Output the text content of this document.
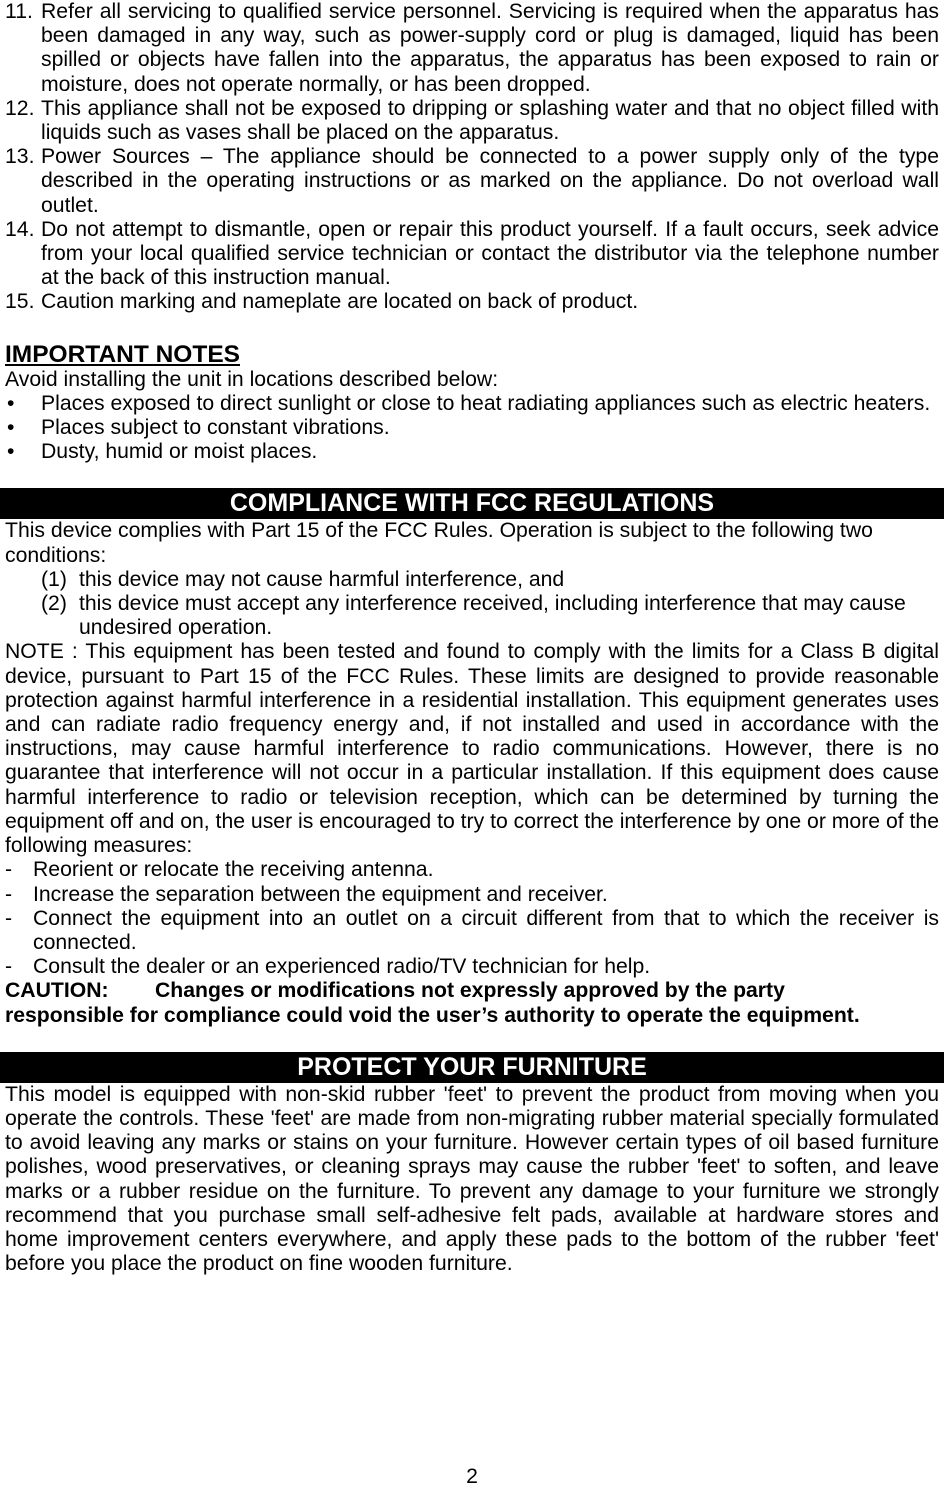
11. Refer all servicing to qualified service personnel. Servicing is required when the apparatus has been damaged in any way, such as power-supply cord or plug is damaged, liquid has been spilled or objects have fallen into the apparatus, the apparatus has been exposed to rain or moisture, does not operate normally, or has been dropped.
12. This appliance shall not be exposed to dripping or splashing water and that no object filled with liquids such as vases shall be placed on the apparatus.
13. Power Sources – The appliance should be connected to a power supply only of the type described in the operating instructions or as marked on the appliance. Do not overload wall outlet.
14. Do not attempt to dismantle, open or repair this product yourself. If a fault occurs, seek advice from your local qualified service technician or contact the distributor via the telephone number at the back of this instruction manual.
15. Caution marking and nameplate are located on back of product.
IMPORTANT NOTES
Avoid installing the unit in locations described below:
•	Places exposed to direct sunlight or close to heat radiating appliances such as electric heaters.
•	Places subject to constant vibrations.
•	Dusty, humid or moist places.
COMPLIANCE WITH FCC REGULATIONS
This device complies with Part 15 of the FCC Rules. Operation is subject to the following two conditions:
(1) this device may not cause harmful interference, and
(2) this device must accept any interference received, including interference that may cause undesired operation.
NOTE : This equipment has been tested and found to comply with the limits for a Class B digital device, pursuant to Part 15 of the FCC Rules. These limits are designed to provide reasonable protection against harmful interference in a residential installation. This equipment generates uses and can radiate radio frequency energy and, if not installed and used in accordance with the instructions, may cause harmful interference to radio communications. However, there is no guarantee that interference will not occur in a particular installation. If this equipment does cause harmful interference to radio or television reception, which can be determined by turning the equipment off and on, the user is encouraged to try to correct the interference by one or more of the following measures:
- Reorient or relocate the receiving antenna.
- Increase the separation between the equipment and receiver.
- Connect the equipment into an outlet on a circuit different from that to which the receiver is connected.
- Consult the dealer or an experienced radio/TV technician for help.
CAUTION:	Changes or modifications not expressly approved by the party
responsible for compliance could void the user’s authority to operate the equipment.
PROTECT YOUR FURNITURE
This model is equipped with non-skid rubber 'feet' to prevent the product from moving when you operate the controls. These 'feet' are made from non-migrating rubber material specially formulated to avoid leaving any marks or stains on your furniture. However certain types of oil based furniture polishes, wood preservatives, or cleaning sprays may cause the rubber 'feet' to soften, and leave marks or a rubber residue on the furniture. To prevent any damage to your furniture we strongly recommend that you purchase small self-adhesive felt pads, available at hardware stores and home improvement centers everywhere, and apply these pads to the bottom of the rubber 'feet' before you place the product on fine wooden furniture.
2
